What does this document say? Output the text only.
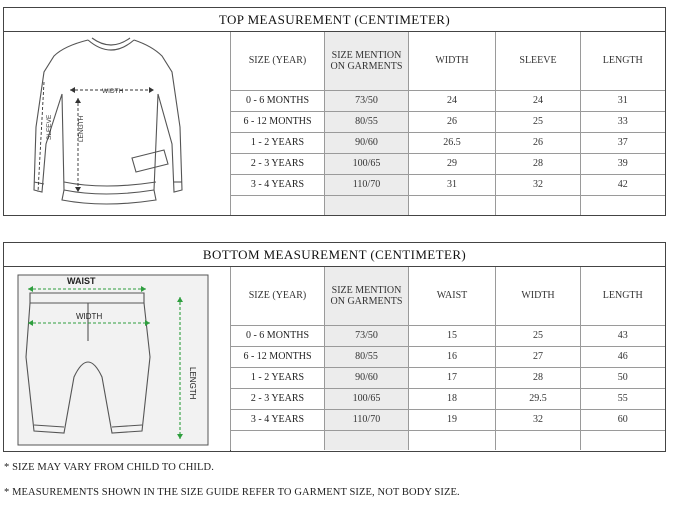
TOP MEASUREMENT (CENTIMETER)
WIDTH
LENGTH
SLEEVE
SIZE (YEAR)	SIZE MENTION ON GARMENTS	WIDTH	SLEEVE	LENGTH
0 - 6 MONTHS	73/50	24	24	31
6 - 12 MONTHS	80/55	26	25	33
1 - 2 YEARS	90/60	26.5	26	37
2 - 3 YEARS	100/65	29	28	39
3 - 4 YEARS	110/70	31	32	42

BOTTOM MEASUREMENT (CENTIMETER)
WAIST
WIDTH
LENGTH
SIZE (YEAR)	SIZE MENTION ON GARMENTS	WAIST	WIDTH	LENGTH
0 - 6 MONTHS	73/50	15	25	43
6 - 12 MONTHS	80/55	16	27	46
1 - 2 YEARS	90/60	17	28	50
2 - 3 YEARS	100/65	18	29.5	55
3 - 4 YEARS	110/70	19	32	60

* SIZE MAY VARY FROM CHILD TO CHILD.
* MEASUREMENTS SHOWN IN THE SIZE GUIDE REFER TO GARMENT SIZE, NOT BODY SIZE.
